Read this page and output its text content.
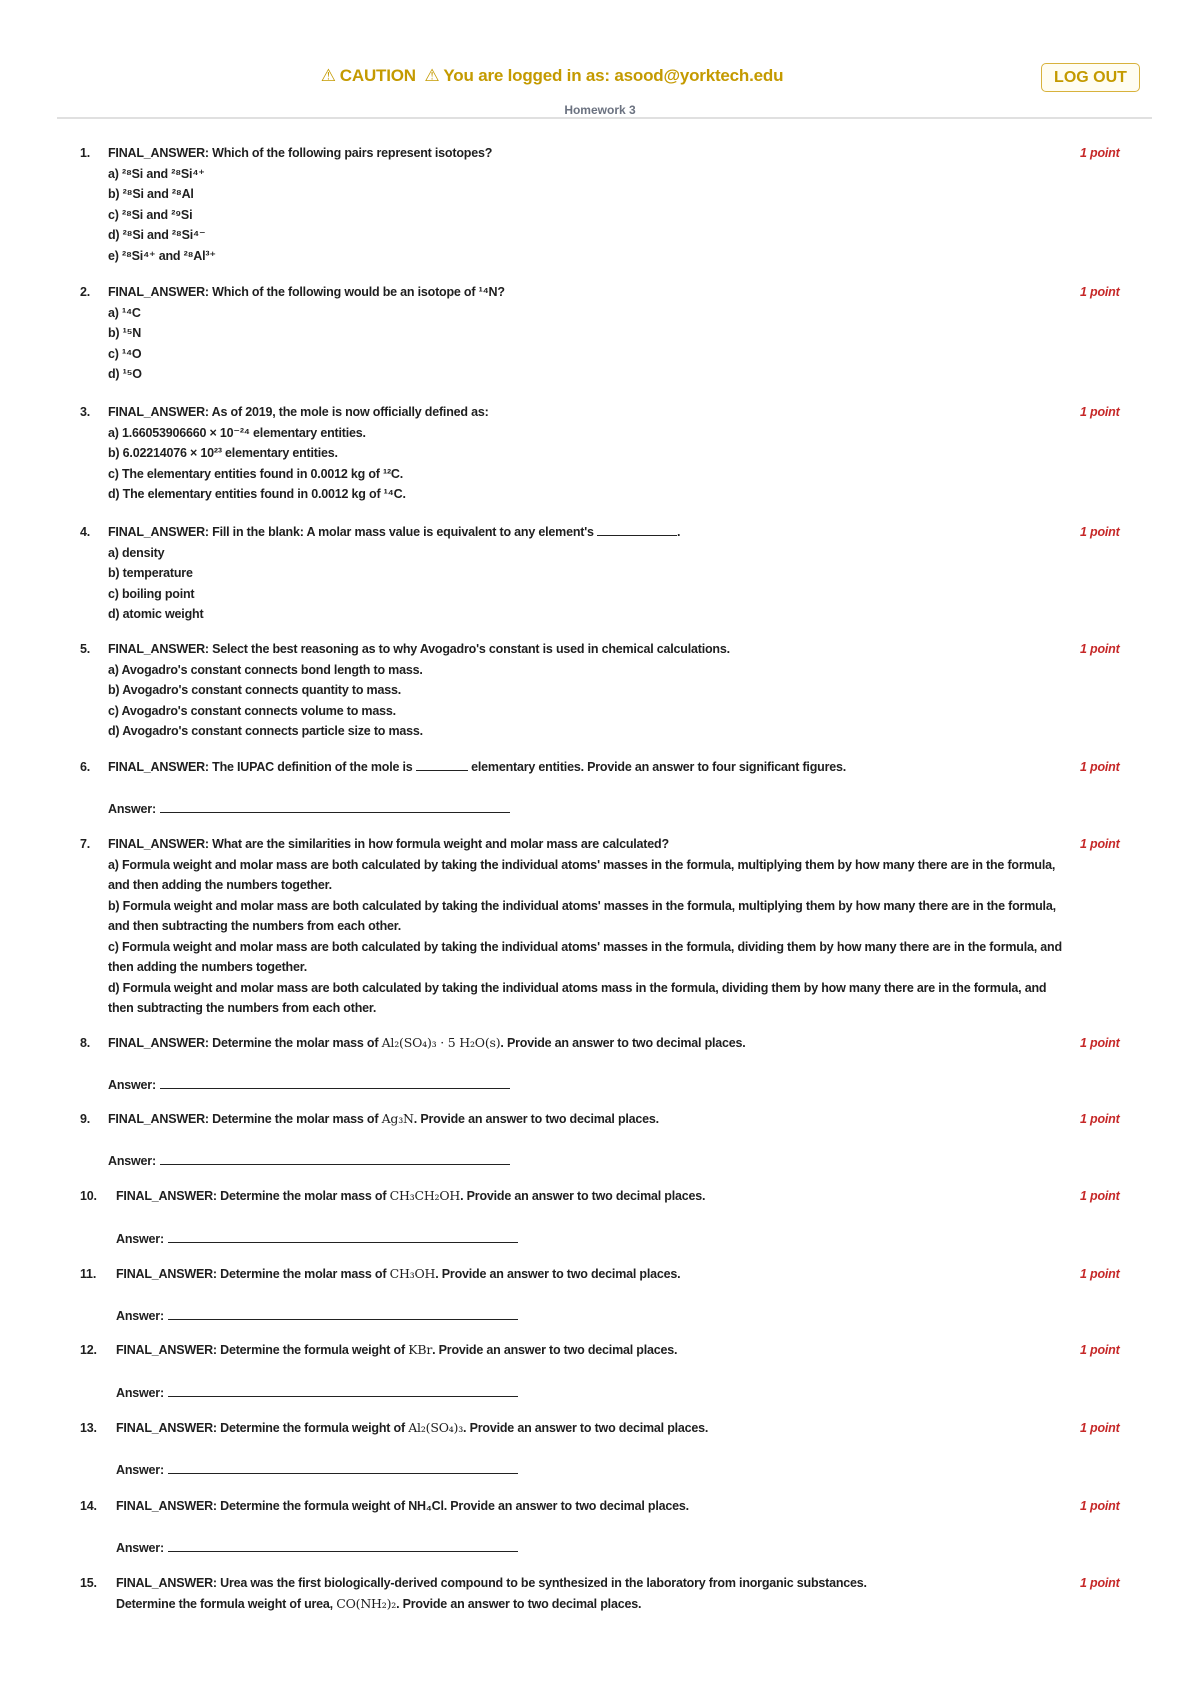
⚠ CAUTION ⚠ You are logged in as: asood@yorktech.edu	LOG OUT
Homework 3
1. FINAL_ANSWER: Which of the following pairs represent isotopes?
a) ²⁸Si and ²⁸Si⁴⁺
b) ²⁸Si and ²⁸Al
c) ²⁸Si and ²⁹Si
d) ²⁸Si and ²⁸Si⁴⁻
e) ²⁸Si⁴⁺ and ²⁸Al³⁺
1 point
2. FINAL_ANSWER: Which of the following would be an isotope of ¹⁴N?
a) ¹⁴C
b) ¹⁵N
c) ¹⁴O
d) ¹⁵O
1 point
3. FINAL_ANSWER: As of 2019, the mole is now officially defined as:
a) 1.66053906660 × 10⁻²⁴ elementary entities.
b) 6.02214076 × 10²³ elementary entities.
c) The elementary entities found in 0.0012 kg of ¹²C.
d) The elementary entities found in 0.0012 kg of ¹⁴C.
1 point
4. FINAL_ANSWER: Fill in the blank: A molar mass value is equivalent to any element's	.
a) density
b) temperature
c) boiling point
d) atomic weight
1 point
5. FINAL_ANSWER: Select the best reasoning as to why Avogadro's constant is used in chemical calculations.
a) Avogadro's constant connects bond length to mass.
b) Avogadro's constant connects quantity to mass.
c) Avogadro's constant connects volume to mass.
d) Avogadro's constant connects particle size to mass.
1 point
6. FINAL_ANSWER: The IUPAC definition of the mole is	elementary entities. Provide an answer to four significant figures.	1 point
Answer:
7. FINAL_ANSWER: What are the similarities in how formula weight and molar mass are calculated?
a) Formula weight and molar mass are both calculated by taking the individual atoms' masses in the formula, multiplying them by how many there are in the formula, and then adding the numbers together.
b) Formula weight and molar mass are both calculated by taking the individual atoms' masses in the formula, multiplying them by how many there are in the formula, and then subtracting the numbers from each other.
c) Formula weight and molar mass are both calculated by taking the individual atoms' masses in the formula, dividing them by how many there are in the formula, and then adding the numbers together.
d) Formula weight and molar mass are both calculated by taking the individual atoms mass in the formula, dividing them by how many there are in the formula, and then subtracting the numbers from each other.
1 point
8. FINAL_ANSWER: Determine the molar mass of Al₂(SO₄)₃ · 5 H₂O(s). Provide an answer to two decimal places.	1 point
Answer:
9. FINAL_ANSWER: Determine the molar mass of Ag₃N. Provide an answer to two decimal places.	1 point
Answer:
10. FINAL_ANSWER: Determine the molar mass of CH₃CH₂OH. Provide an answer to two decimal places.	1 point
Answer:
11. FINAL_ANSWER: Determine the molar mass of CH₃OH. Provide an answer to two decimal places.	1 point
Answer:
12. FINAL_ANSWER: Determine the formula weight of KBr. Provide an answer to two decimal places.	1 point
Answer:
13. FINAL_ANSWER: Determine the formula weight of Al₂(SO₄)₃. Provide an answer to two decimal places.	1 point
Answer:
14. FINAL_ANSWER: Determine the formula weight of NH₄Cl. Provide an answer to two decimal places.	1 point
Answer:
15. FINAL_ANSWER: Urea was the first biologically-derived compound to be synthesized in the laboratory from inorganic substances.
Determine the formula weight of urea, CO(NH₂)₂. Provide an answer to two decimal places.
1 point
